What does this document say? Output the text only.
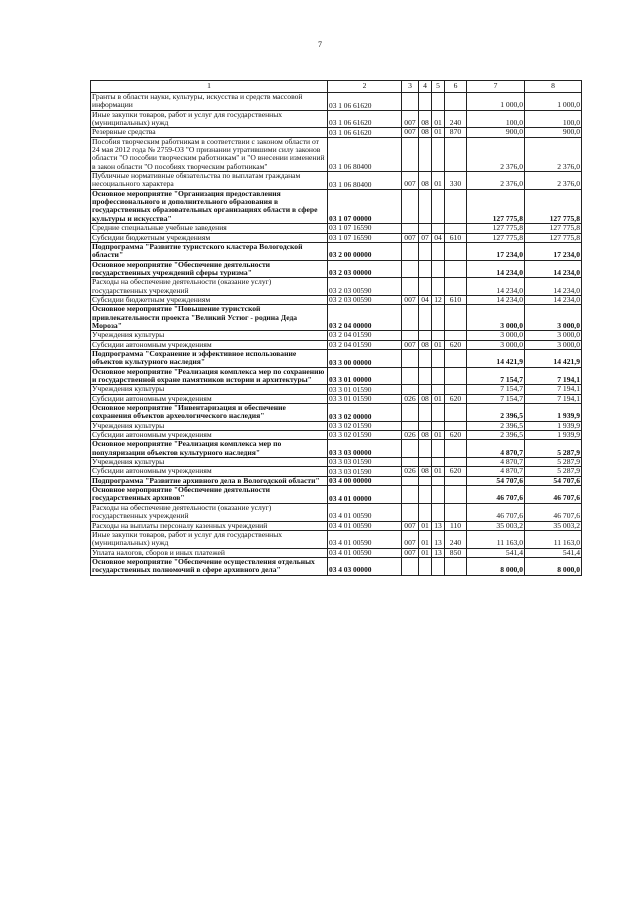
7
1	2	3	4	5	6	7	8
Гранты в области науки, культуры, искусства и средств массовой информации	03 1 06 61620					1 000,0	1 000,0
Иные закупки товаров, работ и услуг для государственных (муниципальных) нужд	03 1 06 61620	007	08	01	240	100,0	100,0
Резервные средства	03 1 06 61620	007	08	01	870	900,0	900,0
Пособия творческим работникам в соответствии с законом области от 24 мая 2012 года № 2759-ОЗ "О признании утратившими силу законов области "О пособии творческим работникам" и "О внесении изменений в закон области "О пособиях творческим работникам"	03 1 06 80400					2 376,0	2 376,0
Публичные нормативные обязательства по выплатам гражданам несоциального характера	03 1 06 80400	007	08	01	330	2 376,0	2 376,0
Основное мероприятие "Организация предоставления профессионального и дополнительного образования в государственных образовательных организациях области в сфере культуры и искусства"	03 1 07 00000					127 775,8	127 775,8
Средние специальные учебные заведения	03 1 07 16590					127 775,8	127 775,8
Субсидии бюджетным учреждениям	03 1 07 16590	007	07	04	610	127 775,8	127 775,8
Подпрограмма "Развитие туристского кластера Вологодской области"	03 2 00 00000					17 234,0	17 234,0
Основное мероприятие "Обеспечение деятельности государственных учреждений сферы туризма"	03 2 03 00000					14 234,0	14 234,0
Расходы на обеспечение деятельности (оказание услуг) государственных учреждений	03 2 03 00590					14 234,0	14 234,0
Субсидии бюджетным учреждениям	03 2 03 00590	007	04	12	610	14 234,0	14 234,0
Основное мероприятие "Повышение туристской привлекательности проекта "Великий Устюг - родина Деда Мороза"	03 2 04 00000					3 000,0	3 000,0
Учреждения культуры	03 2 04 01590					3 000,0	3 000,0
Субсидии автономным учреждениям	03 2 04 01590	007	08	01	620	3 000,0	3 000,0
Подпрограмма "Сохранение и эффективное использование объектов культурного наследия"	03 3 00 00000					14 421,9	14 421,9
Основное мероприятие "Реализация комплекса мер по сохранению и государственной охране памятников истории и архитектуры"	03 3 01 00000					7 154,7	7 194,1
Учреждения культуры	03 3 01 01590					7 154,7	7 194,1
Субсидии автономным учреждениям	03 3 01 01590	026	08	01	620	7 154,7	7 194,1
Основное мероприятие "Инвентаризация и обеспечение сохранения объектов археологического наследия"	03 3 02 00000					2 396,5	1 939,9
Учреждения культуры	03 3 02 01590					2 396,5	1 939,9
Субсидии автономным учреждениям	03 3 02 01590	026	08	01	620	2 396,5	1 939,9
Основное мероприятие "Реализация комплекса мер по популяризации объектов культурного наследия"	03 3 03 00000					4 870,7	5 287,9
Учреждения культуры	03 3 03 01590					4 870,7	5 287,9
Субсидии автономным учреждениям	03 3 03 01590	026	08	01	620	4 870,7	5 287,9
Подпрограмма "Развитие архивного дела в Вологодской области"	03 4 00 00000					54 707,6	54 707,6
Основное мероприятие "Обеспечение деятельности государственных архивов"	03 4 01 00000					46 707,6	46 707,6
Расходы на обеспечение деятельности (оказание услуг) государственных учреждений	03 4 01 00590					46 707,6	46 707,6
Расходы на выплаты персоналу казенных учреждений	03 4 01 00590	007	01	13	110	35 003,2	35 003,2
Иные закупки товаров, работ и услуг для государственных (муниципальных) нужд	03 4 01 00590	007	01	13	240	11 163,0	11 163,0
Уплата налогов, сборов и иных платежей	03 4 01 00590	007	01	13	850	541,4	541,4
Основное мероприятие "Обеспечение осуществления отдельных государственных полномочий в сфере архивного дела"	03 4 03 00000					8 000,0	8 000,0
